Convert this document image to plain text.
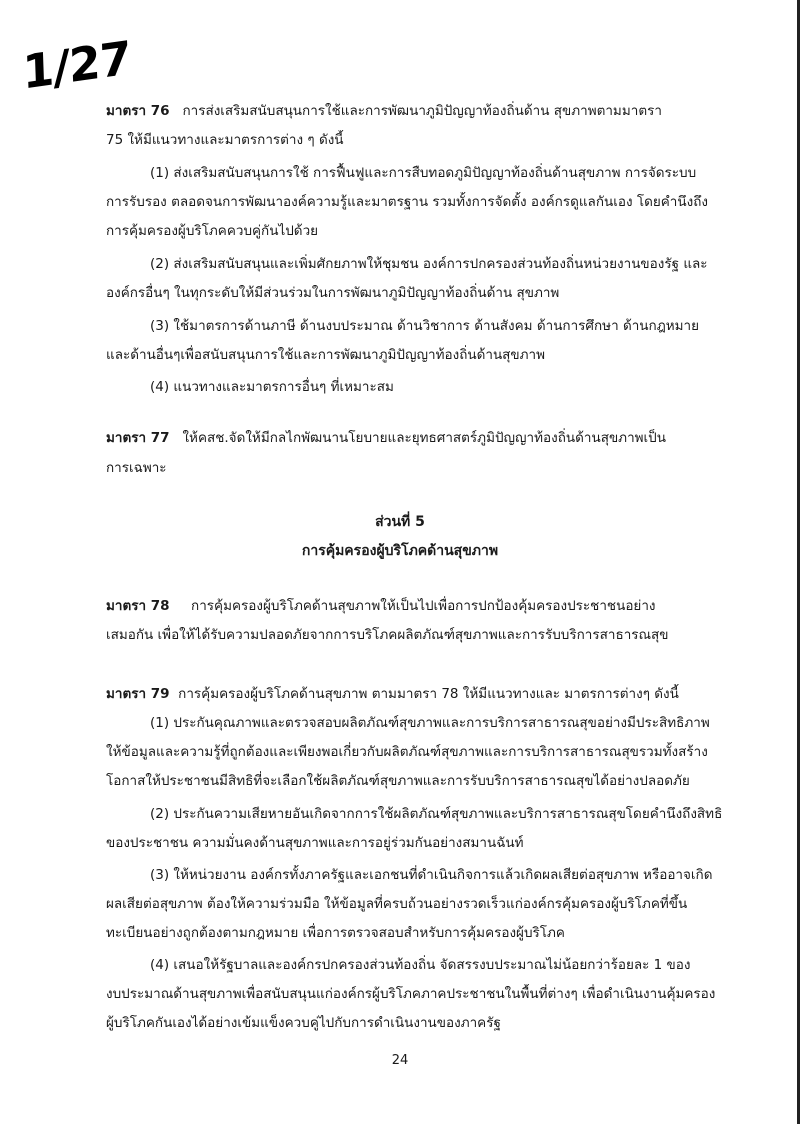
1/27
มาตรา 76 การส่งเสริมสนับสนุนการใช้และการพัฒนาภูมิปัญญาท้องถิ่นด้าน สุขภาพตามมาตรา
75 ให้มีแนวทางและมาตรการต่าง ๆ ดังนี้
(1) ส่งเสริมสนับสนุนการใช้ การฟื้นฟูและการสืบทอดภูมิปัญญาท้องถิ่นด้านสุขภาพ การจัดระบบ
การรับรอง ตลอดจนการพัฒนาองค์ความรู้และมาตรฐาน รวมทั้งการจัดตั้ง องค์กรดูแลกันเอง โดยคำนึงถึง
การคุ้มครองผู้บริโภคควบคู่กันไปด้วย
(2) ส่งเสริมสนับสนุนและเพิ่มศักยภาพให้ชุมชน องค์การปกครองส่วนท้องถิ่นหน่วยงานของรัฐ และ
องค์กรอื่นๆ ในทุกระดับให้มีส่วนร่วมในการพัฒนาภูมิปัญญาท้องถิ่นด้าน สุขภาพ
(3) ใช้มาตรการด้านภาษี ด้านงบประมาณ ด้านวิชาการ ด้านสังคม ด้านการศึกษา ด้านกฎหมาย
และด้านอื่นๆเพื่อสนับสนุนการใช้และการพัฒนาภูมิปัญญาท้องถิ่นด้านสุขภาพ
(4) แนวทางและมาตรการอื่นๆ ที่เหมาะสม
มาตรา 77 ให้คสช.จัดให้มีกลไกพัฒนานโยบายและยุทธศาสตร์ภูมิปัญญาท้องถิ่นด้านสุขภาพเป็น
การเฉพาะ
ส่วนที่ 5
การคุ้มครองผู้บริโภคด้านสุขภาพ
มาตรา 78 การคุ้มครองผู้บริโภคด้านสุขภาพให้เป็นไปเพื่อการปกป้องคุ้มครองประชาชนอย่าง
เสมอกัน เพื่อให้ได้รับความปลอดภัยจากการบริโภคผลิตภัณฑ์สุขภาพและการรับบริการสาธารณสุข
มาตรา 79 การคุ้มครองผู้บริโภคด้านสุขภาพ ตามมาตรา 78 ให้มีแนวทางและ มาตรการต่างๆ ดังนี้
(1) ประกันคุณภาพและตรวจสอบผลิตภัณฑ์สุขภาพและการบริการสาธารณสุขอย่างมีประสิทธิภาพ
ให้ข้อมูลและความรู้ที่ถูกต้องและเพียงพอเกี่ยวกับผลิตภัณฑ์สุขภาพและการบริการสาธารณสุขรวมทั้งสร้าง
โอกาสให้ประชาชนมีสิทธิที่จะเลือกใช้ผลิตภัณฑ์สุขภาพและการรับบริการสาธารณสุขได้อย่างปลอดภัย
(2) ประกันความเสียหายอันเกิดจากการใช้ผลิตภัณฑ์สุขภาพและบริการสาธารณสุขโดยคำนึงถึงสิทธิ
ของประชาชน ความมั่นคงด้านสุขภาพและการอยู่ร่วมกันอย่างสมานฉันท์
(3) ให้หน่วยงาน องค์กรทั้งภาครัฐและเอกชนที่ดำเนินกิจการแล้วเกิดผลเสียต่อสุขภาพ หรืออาจเกิด
ผลเสียต่อสุขภาพ ต้องให้ความร่วมมือ ให้ข้อมูลที่ครบถ้วนอย่างรวดเร็วแก่องค์กรคุ้มครองผู้บริโภคที่ขึ้น
ทะเบียนอย่างถูกต้องตามกฎหมาย เพื่อการตรวจสอบสำหรับการคุ้มครองผู้บริโภค
(4) เสนอให้รัฐบาลและองค์กรปกครองส่วนท้องถิ่น จัดสรรงบประมาณไม่น้อยกว่าร้อยละ 1 ของ
งบประมาณด้านสุขภาพเพื่อสนับสนุนแก่องค์กรผู้บริโภคภาคประชาชนในพื้นที่ต่างๆ เพื่อดำเนินงานคุ้มครอง
ผู้บริโภคกันเองได้อย่างเข้มแข็งควบคู่ไปกับการดำเนินงานของภาครัฐ
24
